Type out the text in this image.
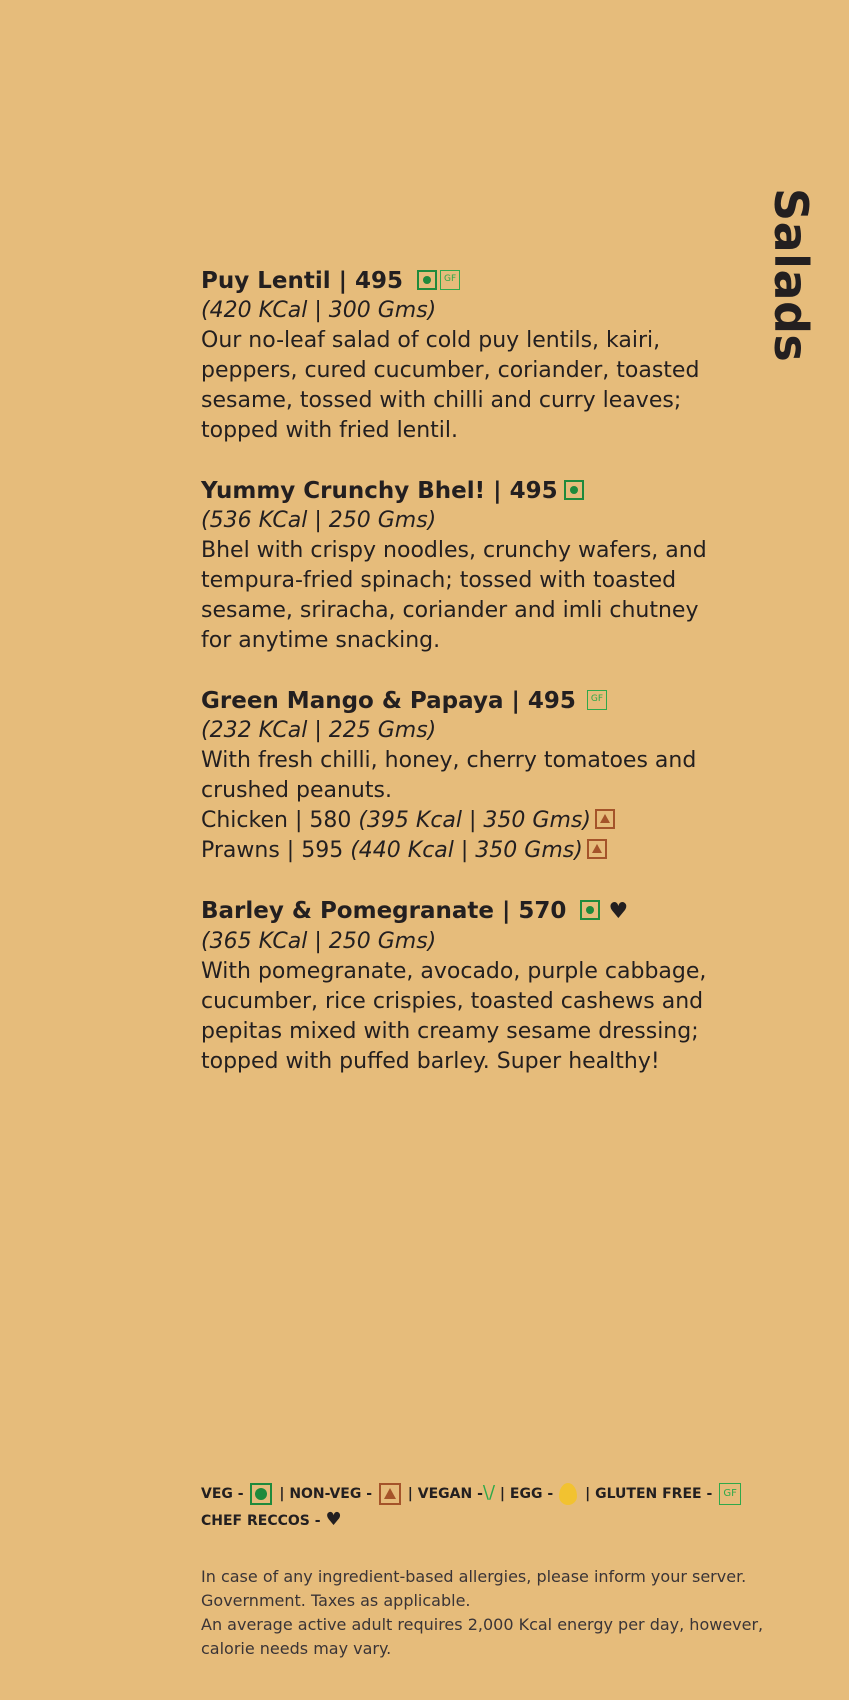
Salads
Puy Lentil | 495	GF
(420 KCal | 300 Gms)
Our no-leaf salad of cold puy lentils, kairi, peppers, cured cucumber, coriander, toasted sesame, tossed with chilli and curry leaves; topped with fried lentil.
Yummy Crunchy Bhel! | 495
(536 KCal | 250 Gms)
Bhel with crispy noodles, crunchy wafers, and tempura-fried spinach; tossed with toasted sesame, sriracha, coriander and imli chutney for anytime snacking.
Green Mango & Papaya | 495 GF
(232 KCal | 225 Gms)
With fresh chilli, honey, cherry tomatoes and crushed peanuts.
Chicken | 580 (395 Kcal | 350 Gms)
Prawns | 595 (440 Kcal | 350 Gms)
Barley & Pomegranate | 570 ♥
(365 KCal | 250 Gms)
With pomegranate, avocado, purple cabbage, cucumber, rice crispies, toasted cashews and pepitas mixed with creamy sesame dressing; topped with puffed barley. Super healthy!
VEG -	| NON-VEG -	| VEGAN -\/ | EGG - | GLUTEN FREE - GF
CHEF RECCOS - ♥
In case of any ingredient-based allergies, please inform your server.
Government. Taxes as applicable.
An average active adult requires 2,000 Kcal energy per day, however, calorie needs may vary.
